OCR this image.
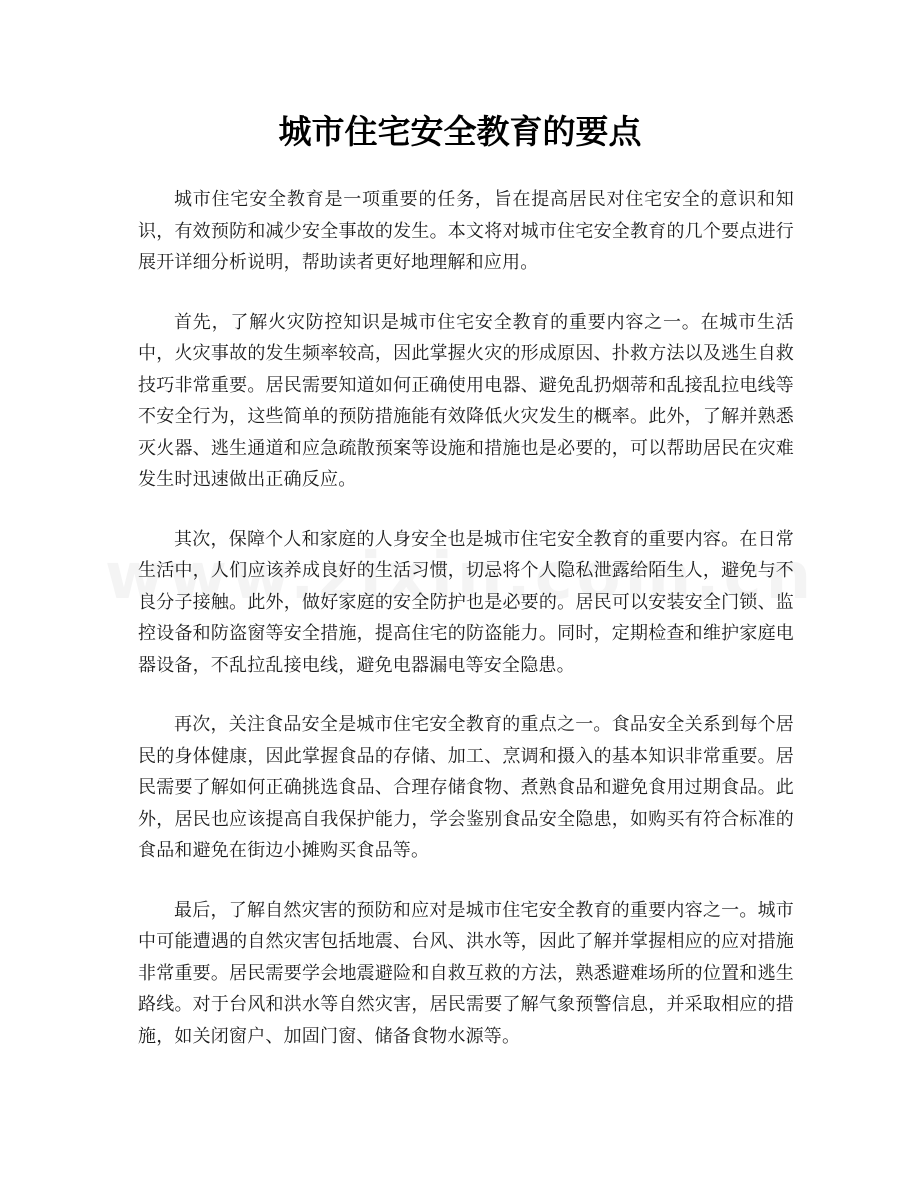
城市住宅安全教育的要点

城市住宅安全教育是一项重要的任务，旨在提高居民对住宅安全的意识和知识，有效预防和减少安全事故的发生。本文将对城市住宅安全教育的几个要点进行展开详细分析说明，帮助读者更好地理解和应用。

首先，了解火灾防控知识是城市住宅安全教育的重要内容之一。在城市生活中，火灾事故的发生频率较高，因此掌握火灾的形成原因、扑救方法以及逃生自救技巧非常重要。居民需要知道如何正确使用电器、避免乱扔烟蒂和乱接乱拉电线等不安全行为，这些简单的预防措施能有效降低火灾发生的概率。此外，了解并熟悉灭火器、逃生通道和应急疏散预案等设施和措施也是必要的，可以帮助居民在灾难发生时迅速做出正确反应。

其次，保障个人和家庭的人身安全也是城市住宅安全教育的重要内容。在日常生活中，人们应该养成良好的生活习惯，切忌将个人隐私泄露给陌生人，避免与不良分子接触。此外，做好家庭的安全防护也是必要的。居民可以安装安全门锁、监控设备和防盗窗等安全措施，提高住宅的防盗能力。同时，定期检查和维护家庭电器设备，不乱拉乱接电线，避免电器漏电等安全隐患。

再次，关注食品安全是城市住宅安全教育的重点之一。食品安全关系到每个居民的身体健康，因此掌握食品的存储、加工、烹调和摄入的基本知识非常重要。居民需要了解如何正确挑选食品、合理存储食物、煮熟食品和避免食用过期食品。此外，居民也应该提高自我保护能力，学会鉴别食品安全隐患，如购买有符合标准的食品和避免在街边小摊购买食品等。

最后，了解自然灾害的预防和应对是城市住宅安全教育的重要内容之一。城市中可能遭遇的自然灾害包括地震、台风、洪水等，因此了解并掌握相应的应对措施非常重要。居民需要学会地震避险和自救互救的方法，熟悉避难场所的位置和逃生路线。对于台风和洪水等自然灾害，居民需要了解气象预警信息，并采取相应的措施，如关闭窗户、加固门窗、储备食物水源等。
